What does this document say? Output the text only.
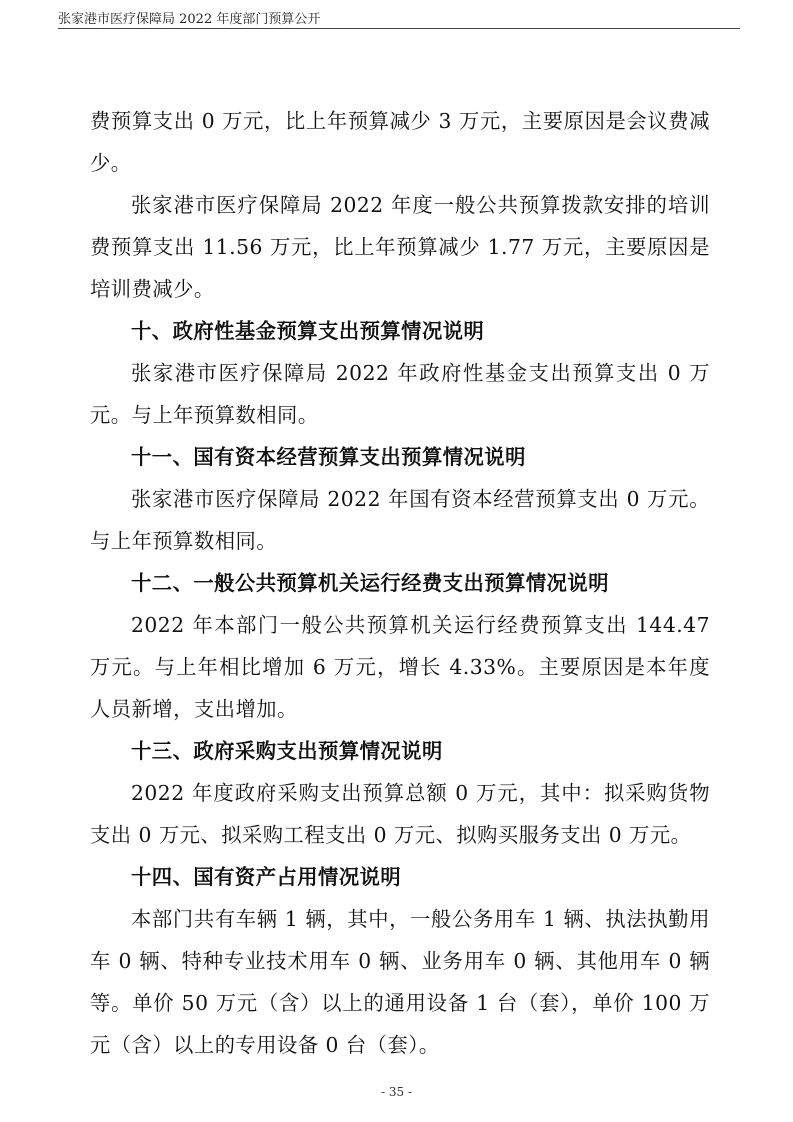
张家港市医疗保障局 2022 年度部门预算公开

费预算支出 0 万元，比上年预算减少 3 万元，主要原因是会议费减少。

张家港市医疗保障局 2022 年度一般公共预算拨款安排的培训费预算支出 11.56 万元，比上年预算减少 1.77 万元，主要原因是培训费减少。

十、政府性基金预算支出预算情况说明

张家港市医疗保障局 2022 年政府性基金支出预算支出 0 万元。与上年预算数相同。

十一、国有资本经营预算支出预算情况说明

张家港市医疗保障局 2022 年国有资本经营预算支出 0 万元。与上年预算数相同。

十二、一般公共预算机关运行经费支出预算情况说明

2022 年本部门一般公共预算机关运行经费预算支出 144.47 万元。与上年相比增加 6 万元，增长 4.33%。主要原因是本年度人员新增，支出增加。

十三、政府采购支出预算情况说明

2022 年度政府采购支出预算总额 0 万元，其中：拟采购货物支出 0 万元、拟采购工程支出 0 万元、拟购买服务支出 0 万元。

十四、国有资产占用情况说明

本部门共有车辆 1 辆，其中，一般公务用车 1 辆、执法执勤用车 0 辆、特种专业技术用车 0 辆、业务用车 0 辆、其他用车 0 辆等。单价 50 万元（含）以上的通用设备 1 台（套），单价 100 万元（含）以上的专用设备 0 台（套）。

- 35 -
